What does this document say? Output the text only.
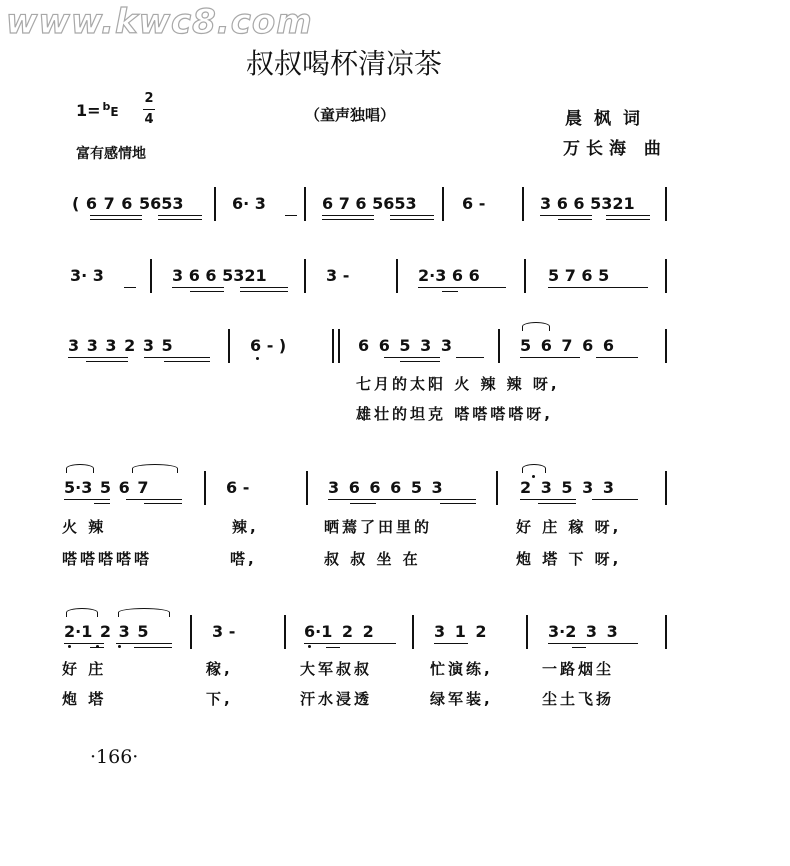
www.kwc8.com
叔叔喝杯清凉茶
1= $^b$E
2
4
富有感情地
（童声独唱）	晨枫词
万长海 曲
( 6 7 6 5653	6· 3	6 7 6 5653	6 -	3 6 6 5321
3· 3	3 6 6 5321	3 -	2·3 6 6	5 7 6 5
3 3 3 2 3 5	6 - )	6 6 5 3 3	5 6 7 6 6
七月的太阳 火 辣 辣 呀,
雄壮的坦克 嗒嗒嗒嗒呀,
5·3 5 6 7	6 -	3 6 6 6 5 3	2 3 5 3 3
火 辣	辣,	晒蔫了田里的	好 庄 稼 呀,
嗒嗒嗒嗒嗒	嗒,	叔 叔 坐 在	炮 塔 下 呀,
2·1 2 3 5	3 -	6·1 2 2	3 1 2	3·2 3 3
好 庄	稼,	大军叔叔	忙演练,	一路烟尘
炮 塔	下,	汗水浸透	绿军装,	尘土飞扬
·166·
